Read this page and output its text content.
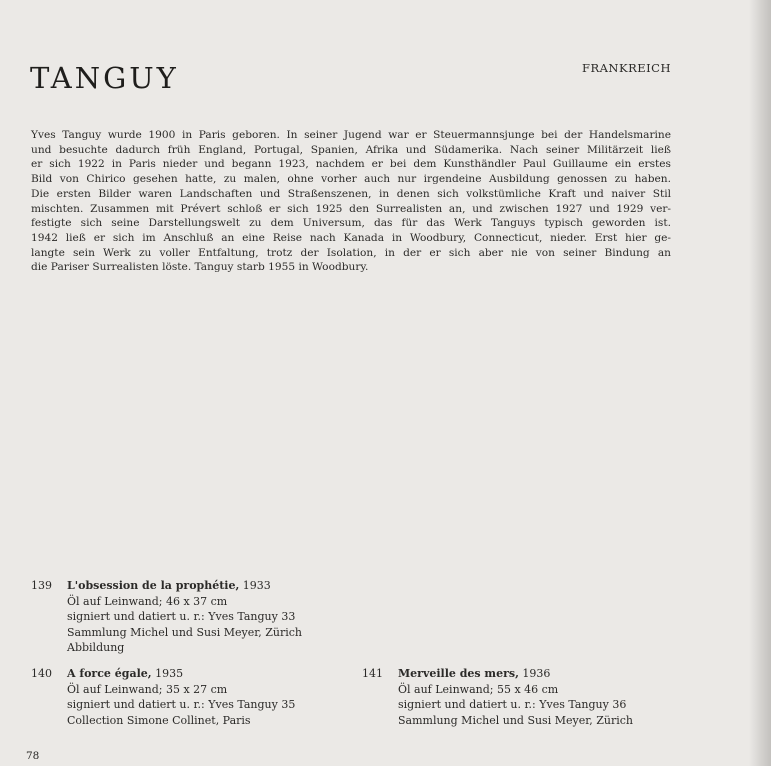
TANGUY	FRANKREICH
Yves Tanguy wurde 1900 in Paris geboren. In seiner Jugend war er Steuermannsjunge bei der Handelsmarine
und besuchte dadurch früh England, Portugal, Spanien, Afrika und Südamerika. Nach seiner Militärzeit ließ
er sich 1922 in Paris nieder und begann 1923, nachdem er bei dem Kunsthändler Paul Guillaume ein erstes
Bild von Chirico gesehen hatte, zu malen, ohne vorher auch nur irgendeine Ausbildung genossen zu haben.
Die ersten Bilder waren Landschaften und Straßenszenen, in denen sich volkstümliche Kraft und naiver Stil
mischten. Zusammen mit Prévert schloß er sich 1925 den Surrealisten an, und zwischen 1927 und 1929 ver-
festigte sich seine Darstellungswelt zu dem Universum, das für das Werk Tanguys typisch geworden ist.
1942 ließ er sich im Anschluß an eine Reise nach Kanada in Woodbury, Connecticut, nieder. Erst hier ge-
langte sein Werk zu voller Entfaltung, trotz der Isolation, in der er sich aber nie von seiner Bindung an
die Pariser Surrealisten löste. Tanguy starb 1955 in Woodbury.
139	L'obsession de la prophétie, 1933
Öl auf Leinwand; 46 x 37 cm
signiert und datiert u. r.: Yves Tanguy 33
Sammlung Michel und Susi Meyer, Zürich
Abbildung
140	A force égale, 1935
Öl auf Leinwand; 35 x 27 cm
signiert und datiert u. r.: Yves Tanguy 35
Collection Simone Collinet, Paris
141	Merveille des mers, 1936
Öl auf Leinwand; 55 x 46 cm
signiert und datiert u. r.: Yves Tanguy 36
Sammlung Michel und Susi Meyer, Zürich
78
